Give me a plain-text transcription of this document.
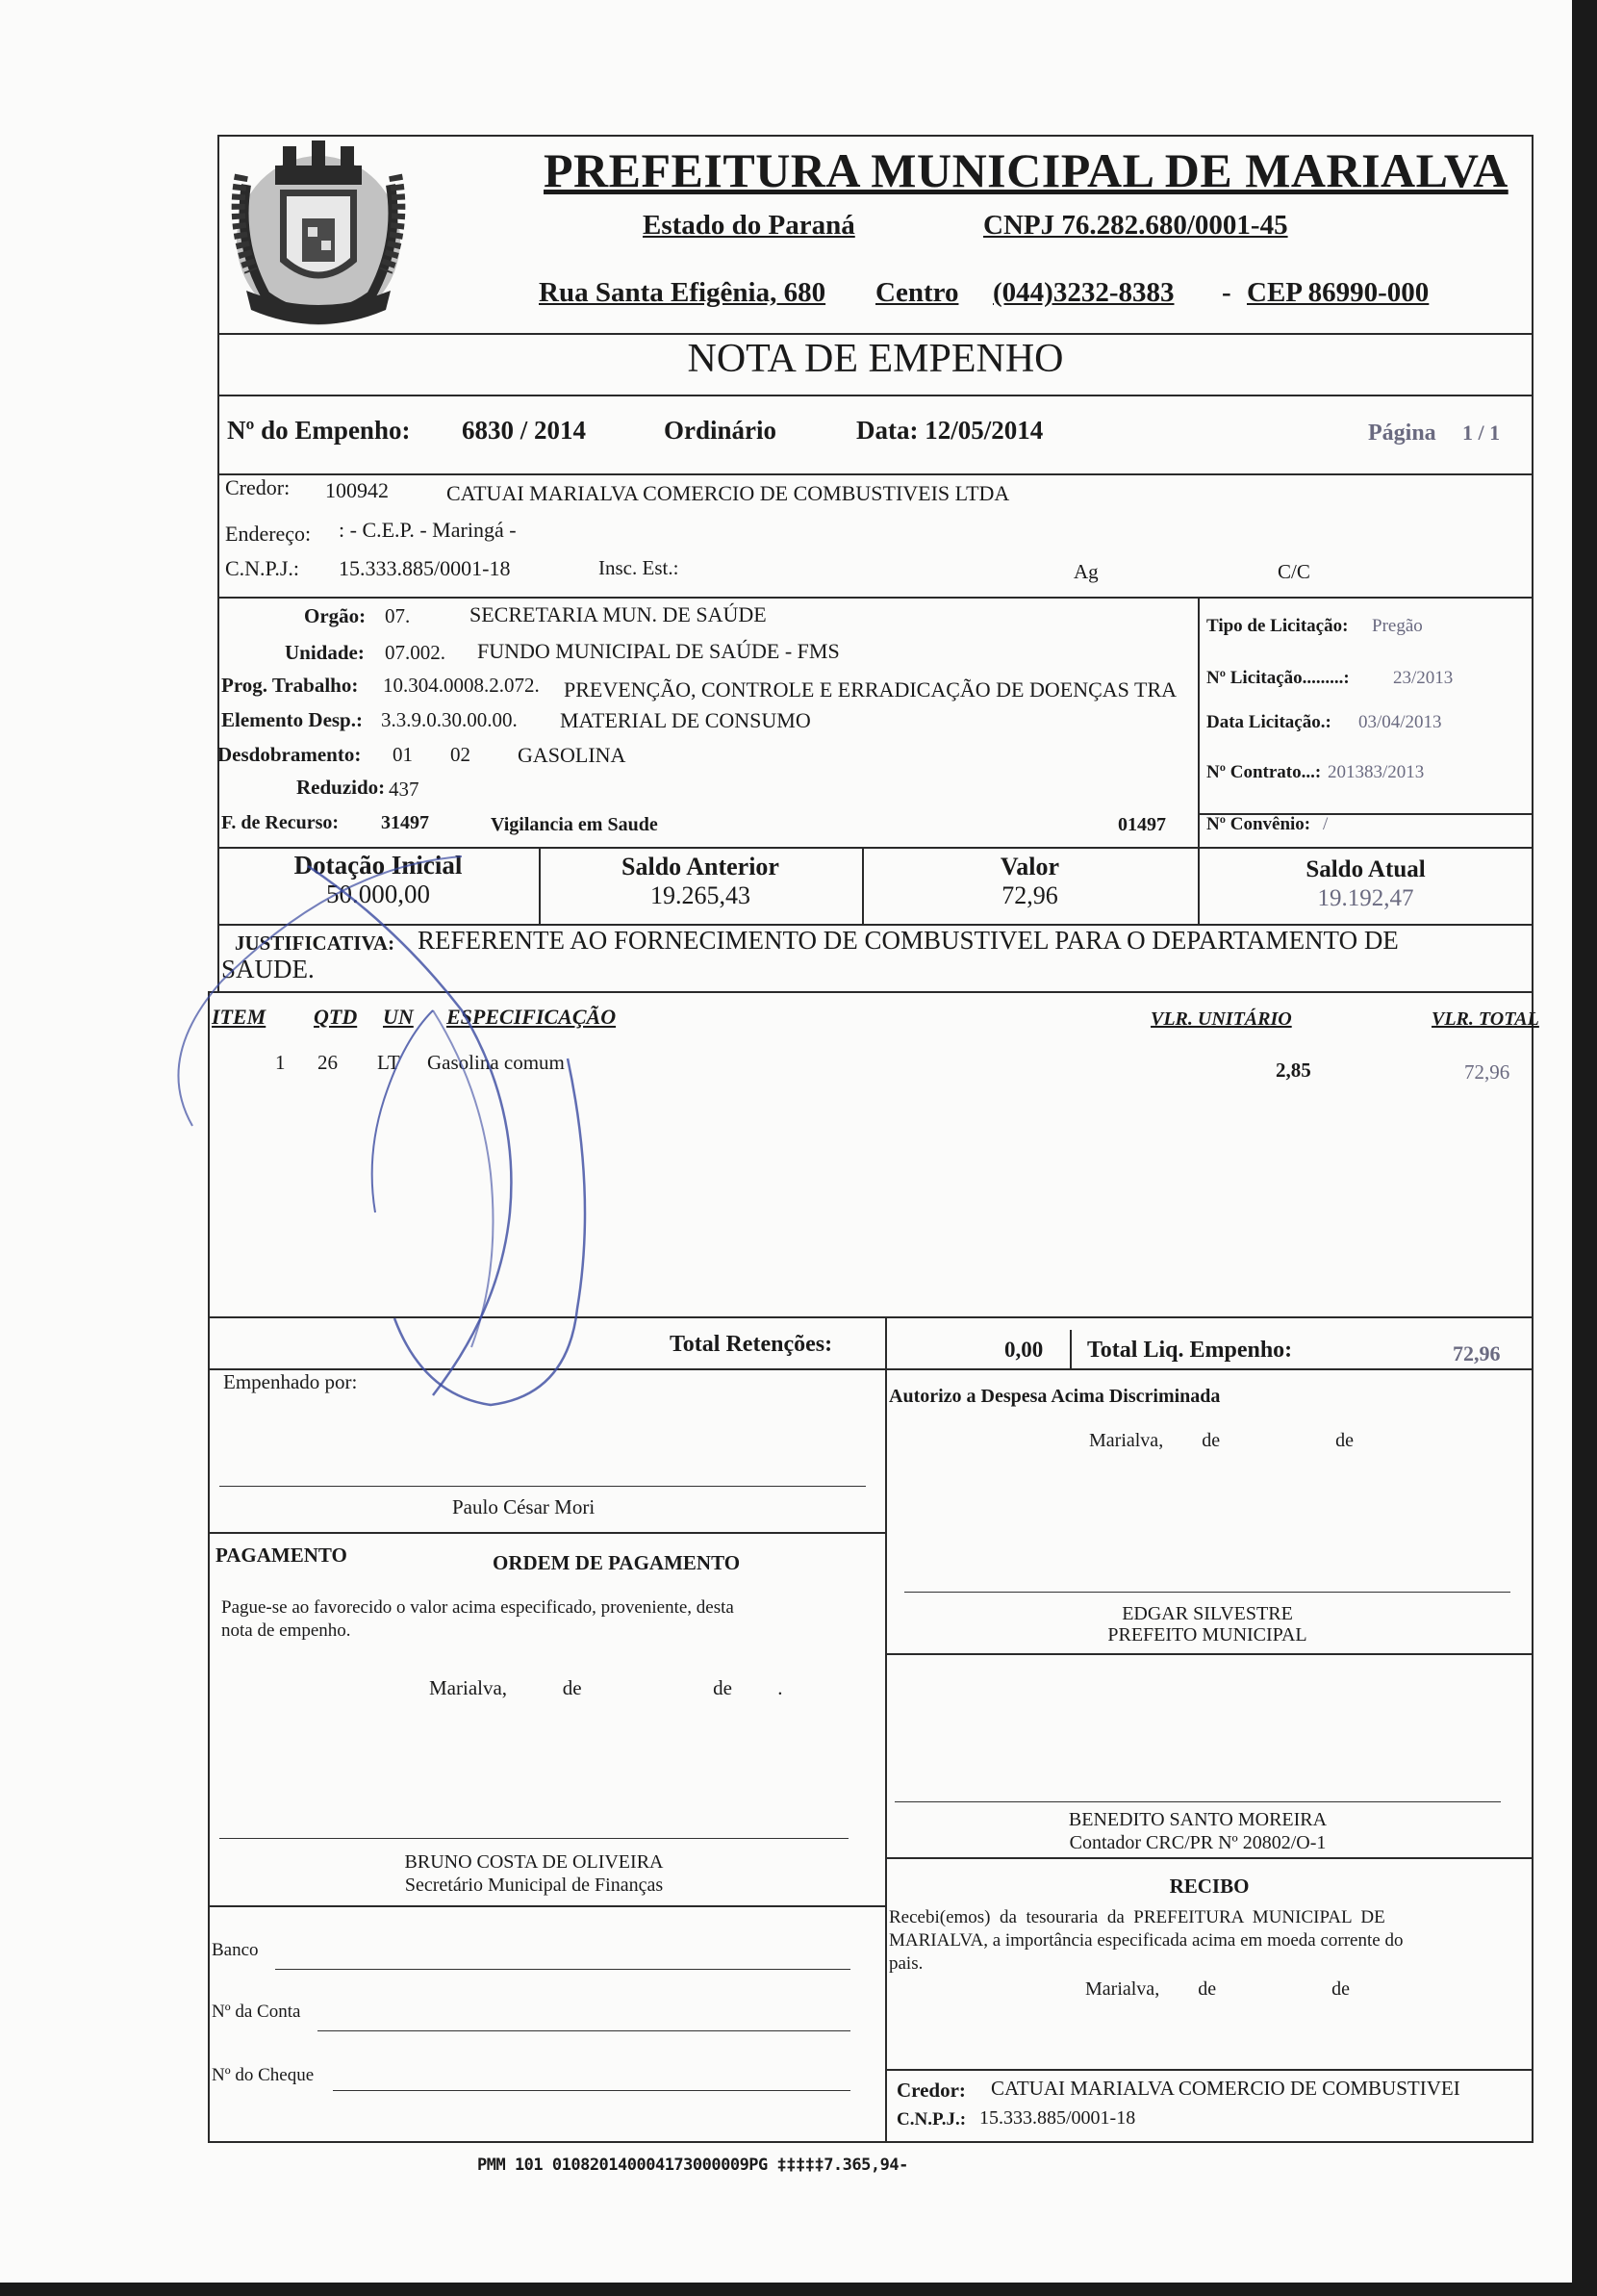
PREFEITURA MUNICIPAL DE MARIALVA
Estado do Paraná	CNPJ 76.282.680/0001-45
Rua Santa Efigênia, 680 Centro (044)3232-8383 - CEP 86990-000
NOTA DE EMPENHO
Nº do Empenho: 6830 / 2014	Ordinário	Data: 12/05/2014	Página 1 / 1
Credor: 100942	CATUAI MARIALVA COMERCIO DE COMBUSTIVEIS LTDA
Endereço: : - C.E.P. - Maringá -
C.N.P.J.: 15.333.885/0001-18	Insc. Est.:	Ag	C/C
Orgão: 07.	SECRETARIA MUN. DE SAÚDE
Unidade: 07.002. FUNDO MUNICIPAL DE SAÚDE - FMS
Prog. Trabalho: 10.304.0008.2.072. PREVENÇÃO, CONTROLE E ERRADICAÇÃO DE DOENÇAS TRA
Elemento Desp.: 3.3.9.0.30.00.00. MATERIAL DE CONSUMO
Desdobramento: 01 02 GASOLINA
Reduzido: 437
F. de Recurso: 31497	Vigilancia em Saude	01497
Tipo de Licitação: Pregão
Nº Licitação.........: 23/2013
Data Licitação.: 03/04/2013
Nº Contrato...: 201383/2013
Nº Convênio: /
Dotação Inicial
50.000,00
Saldo Anterior
19.265,43
Valor
72,96
Saldo Atual
19.192,47
JUSTIFICATIVA: REFERENTE AO FORNECIMENTO DE COMBUSTIVEL PARA O DEPARTAMENTO DE
SAUDE.
ITEM QTD UN ESPECIFICAÇÃO	VLR. UNITÁRIO	VLR. TOTAL
1 26 LT Gasolina comum	2,85	72,96
Total Retenções:	0,00 Total Liq. Empenho:	72,96
Empenhado por:
Paulo César Mori
PAGAMENTO	ORDEM DE PAGAMENTO
Pague-se ao favorecido o valor acima especificado, proveniente, desta
nota de empenho.
Marialva,           de                          de         .
BRUNO COSTA DE OLIVEIRA
Secretário Municipal de Finanças
Banco
Nº da Conta
Nº do Cheque
Autorizo a Despesa Acima Discriminada
Marialva,        de                        de
EDGAR SILVESTRE
PREFEITO MUNICIPAL
BENEDITO SANTO MOREIRA
Contador CRC/PR Nº 20802/O-1
RECIBO
Recebi(emos)  da  tesouraria  da  PREFEITURA  MUNICIPAL  DE
MARIALVA, a importância especificada acima em moeda corrente do
pais.
Marialva,        de                        de
Credor: CATUAI MARIALVA COMERCIO DE COMBUSTIVEI
C.N.P.J.: 15.333.885/0001-18
PMM 101 010820140004173000009PG ‡‡‡‡‡7.365,94-
